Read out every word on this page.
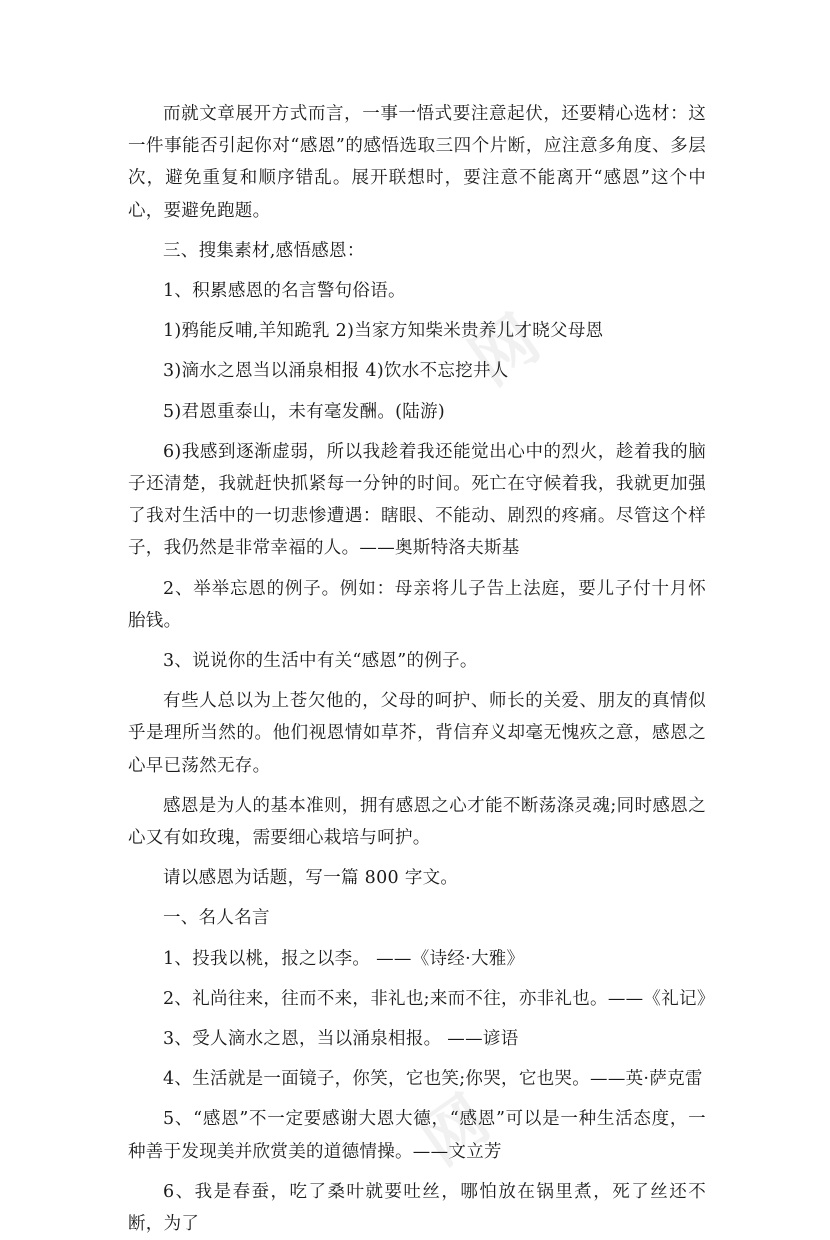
网
网

而就文章展开方式而言，一事一悟式要注意起伏，还要精心选材：这一件事能否引起你对“感恩”的感悟选取三四个片断，应注意多角度、多层次，避免重复和顺序错乱。展开联想时，要注意不能离开“感恩”这个中心，要避免跑题。

三、搜集素材,感悟感恩：

1、积累感恩的名言警句俗语。

1)鸦能反哺,羊知跪乳 2)当家方知柴米贵养儿才晓父母恩

3)滴水之恩当以涌泉相报 4)饮水不忘挖井人

5)君恩重泰山，未有毫发酬。(陆游)

6)我感到逐渐虚弱，所以我趁着我还能觉出心中的烈火，趁着我的脑子还清楚，我就赶快抓紧每一分钟的时间。死亡在守候着我，我就更加强了我对生活中的一切悲惨遭遇：瞎眼、不能动、剧烈的疼痛。尽管这个样子，我仍然是非常幸福的人。——奥斯特洛夫斯基

2、举举忘恩的例子。例如：母亲将儿子告上法庭，要儿子付十月怀胎钱。

3、说说你的生活中有关“感恩”的例子。

有些人总以为上苍欠他的，父母的呵护、师长的关爱、朋友的真情似乎是理所当然的。他们视恩情如草芥，背信弃义却毫无愧疚之意，感恩之心早已荡然无存。

感恩是为人的基本准则，拥有感恩之心才能不断荡涤灵魂;同时感恩之心又有如玫瑰，需要细心栽培与呵护。

请以感恩为话题，写一篇 800 字文。

一、名人名言

1、投我以桃，报之以李。 ——《诗经·大雅》

2、礼尚往来，往而不来，非礼也;来而不往，亦非礼也。——《礼记》

3、受人滴水之恩，当以涌泉相报。 ——谚语

4、生活就是一面镜子，你笑，它也笑;你哭，它也哭。——英·萨克雷

5、“感恩”不一定要感谢大恩大德，“感恩”可以是一种生活态度，一种善于发现美并欣赏美的道德情操。——文立芳

6、我是春蚕，吃了桑叶就要吐丝，哪怕放在锅里煮，死了丝还不断，为了
